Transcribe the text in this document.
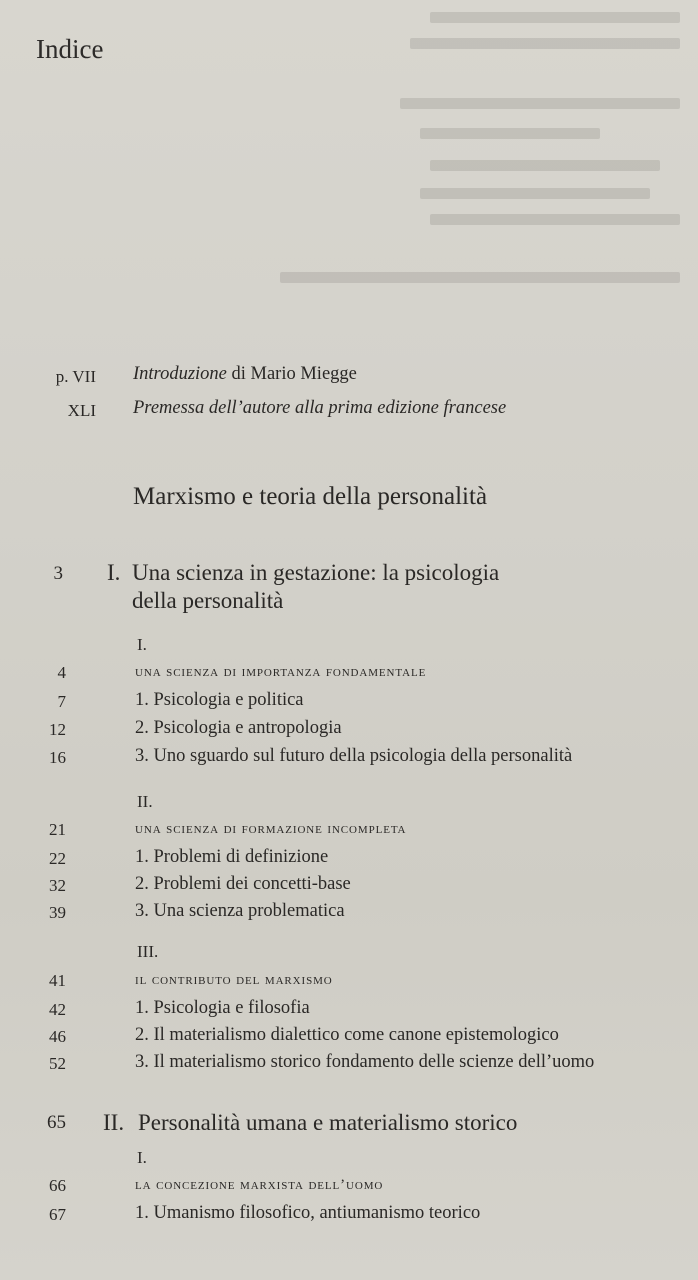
Indice
p. VII Introduzione di Mario Miegge
XLI Premessa dell’autore alla prima edizione francese
Marxismo e teoria della personalità
3 I. Una scienza in gestazione: la psicologia
della personalità
I.
4	una scienza di importanza fondamentale
7	1. Psicologia e politica
12	2. Psicologia e antropologia
16	3. Uno sguardo sul futuro della psicologia della personalità
II.
21	una scienza di formazione incompleta
22	1. Problemi di definizione
32	2. Problemi dei concetti-base
39	3. Una scienza problematica
III.
41	il contributo del marxismo
42	1. Psicologia e filosofia
46	2. Il materialismo dialettico come canone epistemologico
52	3. Il materialismo storico fondamento delle scienze dell’uomo
65 II. Personalità umana e materialismo storico
I.
66	la concezione marxista dell’uomo
67	1. Umanismo filosofico, antiumanismo teorico
